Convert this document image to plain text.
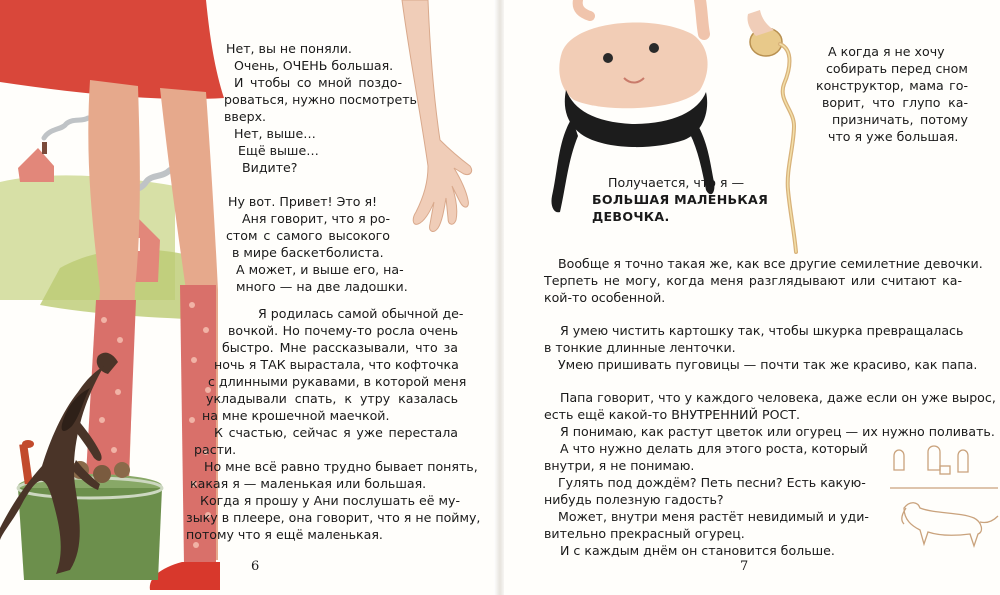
Нет, вы не поняли.
Очень, ОЧЕНЬ большая.
И чтобы со мной поздо-
роваться, нужно посмотреть
вверх.
Нет, выше…
Ещё выше…
Видите?
Ну вот. Привет! Это я!
Аня говорит, что я ро-
стом с самого высокого
в мире баскетболиста.
А может, и выше его, на-
много — на две ладошки.
Я родилась самой обычной де-
вочкой. Но почему-то росла очень
быстро. Мне рассказывали, что за
ночь я ТАК вырастала, что кофточка
с длинными рукавами, в которой меня
укладывали спать, к утру казалась
на мне крошечной маечкой.
К счастью, сейчас я уже перестала
расти.
Но мне всё равно трудно бывает понять,
какая я — маленькая или большая.
Когда я прошу у Ани послушать её му-
зыку в плеере, она говорит, что я не пойму,
потому что я ещё маленькая.
6
А когда я не хочу
собирать перед сном
конструктор, мама го-
ворит, что глупо ка-
призничать, потому
что я уже большая.
Получается, что я —
БОЛЬШАЯ МАЛЕНЬКАЯ
ДЕВОЧКА.
Вообще я точно такая же, как все другие семилетние девочки.
Терпеть не могу, когда меня разглядывают или считают ка-
кой-то особенной.
Я умею чистить картошку так, чтобы шкурка превращалась
в тонкие длинные ленточки.
Умею пришивать пуговицы — почти так же красиво, как папа.
Папа говорит, что у каждого человека, даже если он уже вырос,
есть ещё какой-то ВНУТРЕННИЙ РОСТ.
Я понимаю, как растут цветок или огурец — их нужно поливать.
А что нужно делать для этого роста, который
внутри, я не понимаю.
Гулять под дождём? Петь песни? Есть какую-
нибудь полезную гадость?
Может, внутри меня растёт невидимый и уди-
вительно прекрасный огурец.
И с каждым днём он становится больше.
7
